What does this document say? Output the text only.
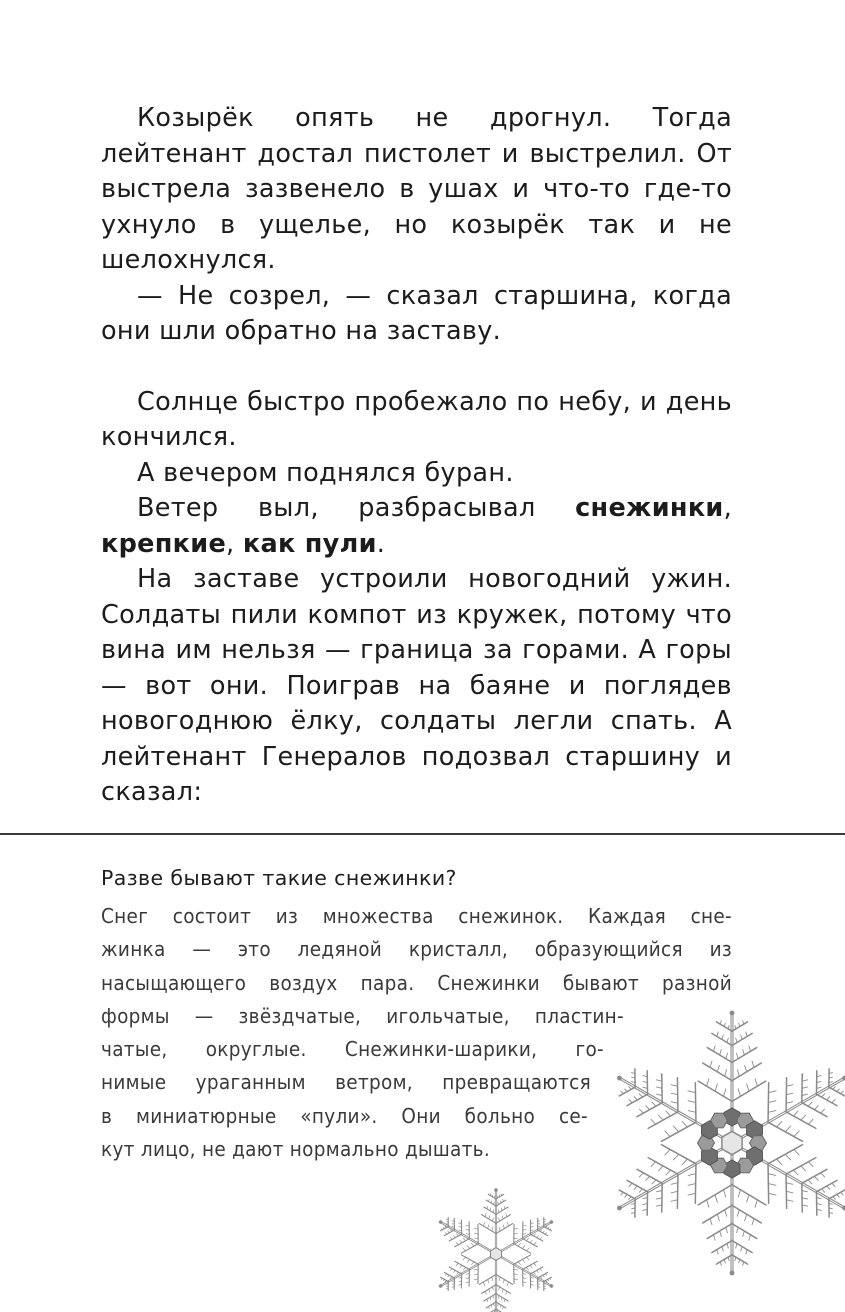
Козырёк опять не дрогнул. Тогда лейтенант достал пистолет и выстрелил. От выстрела зазвенело в ушах и что-то где-то ухнуло в ущелье, но козырёк так и не шелохнулся.

— Не созрел, — сказал старшина, когда они шли обратно на заставу.

Солнце быстро пробежало по небу, и день кончился.

А вечером поднялся буран.

Ветер выл, разбрасывал снежинки, крепкие, как пули.

На заставе устроили новогодний ужин. Солдаты пили компот из кружек, потому что вина им нельзя — граница за горами. А горы — вот они. Поиграв на баяне и поглядев новогоднюю ёлку, солдаты легли спать. А лейтенант Генералов подозвал старшину и сказал:

Разве бывают такие снежинки?
Снег состоит из множества снежинок. Каждая сне-
жинка — это ледяной кристалл, образующийся из
насыщающего воздух пара. Снежинки бывают разной
формы — звёздчатые, игольчатые, пластин-
чатые, округлые. Снежинки-шарики, го-
нимые ураганным ветром, превращаются
в миниатюрные «пули». Они больно се-
кут лицо, не дают нормально дышать.
